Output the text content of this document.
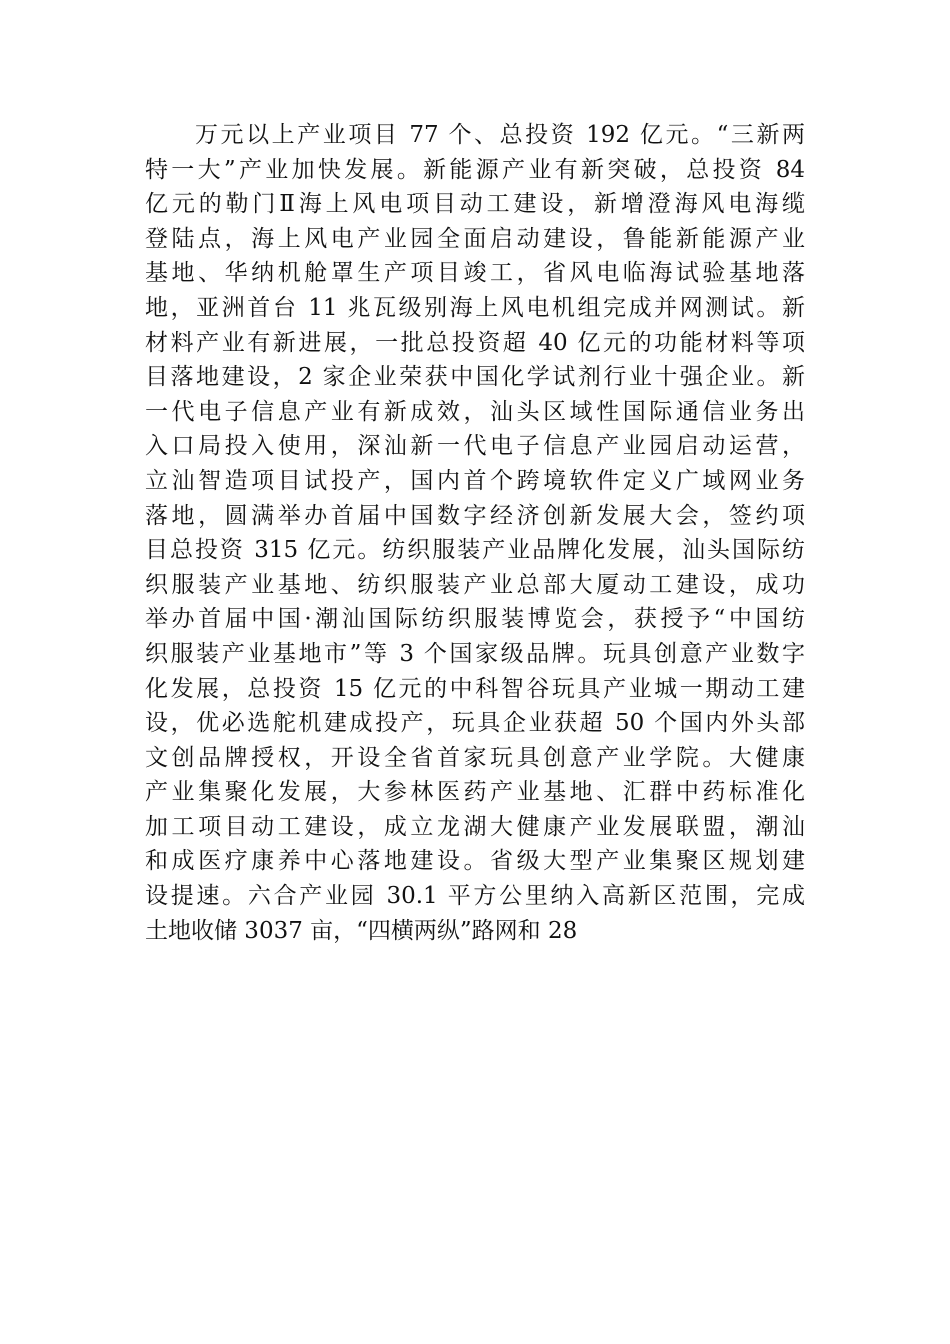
万元以上产业项目 77 个、总投资 192 亿元。“三新两
特一大”产业加快发展。新能源产业有新突破，总投资 84
亿元的勒门Ⅱ海上风电项目动工建设，新增澄海风电海缆
登陆点，海上风电产业园全面启动建设，鲁能新能源产业
基地、华纳机舱罩生产项目竣工，省风电临海试验基地落
地，亚洲首台 11 兆瓦级别海上风电机组完成并网测试。新
材料产业有新进展，一批总投资超 40 亿元的功能材料等项
目落地建设，2 家企业荣获中国化学试剂行业十强企业。新
一代电子信息产业有新成效，汕头区域性国际通信业务出
入口局投入使用，深汕新一代电子信息产业园启动运营，
立汕智造项目试投产，国内首个跨境软件定义广域网业务
落地，圆满举办首届中国数字经济创新发展大会，签约项
目总投资 315 亿元。纺织服装产业品牌化发展，汕头国际纺
织服装产业基地、纺织服装产业总部大厦动工建设，成功
举办首届中国·潮汕国际纺织服装博览会，获授予“中国纺
织服装产业基地市”等 3 个国家级品牌。玩具创意产业数字
化发展，总投资 15 亿元的中科智谷玩具产业城一期动工建
设，优必选舵机建成投产，玩具企业获超 50 个国内外头部
文创品牌授权，开设全省首家玩具创意产业学院。大健康
产业集聚化发展，大参林医药产业基地、汇群中药标准化
加工项目动工建设，成立龙湖大健康产业发展联盟，潮汕
和成医疗康养中心落地建设。省级大型产业集聚区规划建
设提速。六合产业园 30.1 平方公里纳入高新区范围，完成
土地收储 3037 亩，“四横两纵”路网和 28
